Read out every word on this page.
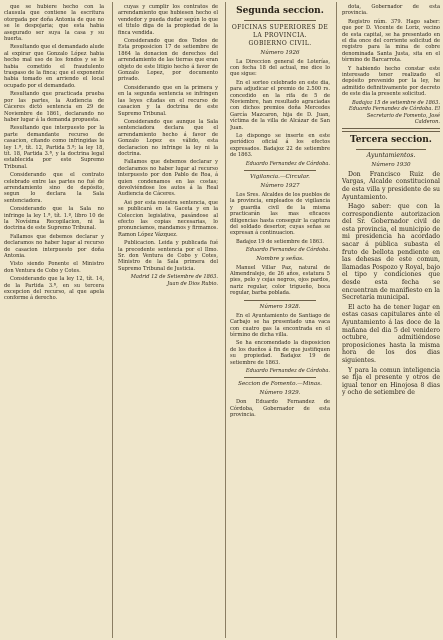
que se hubiere hecho con la clausula que contiene la escritura otorgada por doña Antonia de que no se le despojaria; que esta habia asegurado ser suya la casa y su huerta.

Resultando que el demandado alude al expirar que Gonzalo López habia hecho mal uso de los fondos y se le habia cometido el fraudulento traspaso de la finca; que el exponente habia tomado en arriendo el local ocupado por el demandado.

Resultando que practicada prueba por las partes, la Audiencia de Cáceres dictó sentencia en 29 de Noviembre de 1861, declarando no haber lugar á la demanda propuesta.

Resultando que interpuesto por la parte demandante recurso de casacion, citando como infringidas la ley 1.ª, tít. 12, Partida 5.ª; la ley 18, tít. 18, Partida 3.ª, y la doctrina legal establecida por este Supremo Tribunal.

Considerando que el contrato celebrado entre las partes no fué de arrendamiento sino de depósito, segun lo declara la Sala sentenciadora.

Considerando que la Sala no infringe la ley 1.ª, tít. 1.º, libro 10 de la Novísima Recopilacion, ni la doctrina de este Supremo Tribunal.

Fallamos que debemos declarar y declaramos no haber lugar al recurso de casacion interpuesto por doña Antonia.

Visto siendo Ponente el Ministro don Ventura de Cobo y Cotes.

Considerando que la ley 12, tít. 14, de la Partida 3.ª, en su tercera excepcion del recurso, al que apela conforme á derecho.

cuyas y cumplir los contratos de arrendamiento que hubiesen hecho el vendedor y pueda dudar según lo que el titulo diga de la propiedad de la finca vendida.

Considerando que dos Todos de Esta proposicion 17 de setiembre de 1864 la donacion de derechos del arrendamiento de las tierras que eran objeto de este litigio hecho á favor de Gonzalo Lopez, por documento privado.

Considerando que en la primera y en la segunda sentencia se infringen las leyes citadas en el recurso de casacion y la doctrina de este Supremo Tribunal.

Considerando que aunque la Sala sentenciadora declara que el arrendamiento hecho á favor de Gonzalo Lopez es válido, esta declaracion no infringe la ley ni la doctrina.

Fallamos que debemos declarar y declaramos no haber lugar al recurso interpuesto por don Pablo de Roa, á quien condenamos en las costas; devolviéndose los autos á la Real Audiencia de Cáceres.

Asi por esta nuestra sentencia, que se publicará en la Gaceta y en la Coleccion legislativa, pasándose al efecto las copias necesarias, lo pronunciamos, mandamos y firmamos. Ramon López Vázquez.

Publicacion. Leida y publicada fué la precedente sentencia por el Ilmo. Sr. don Ventura de Cobo y Cotes, Ministro de la Sala primera del Supremo Tribunal de Justicia.

Madrid 12 de Setiembre de 1863. Juan de Dios Rubio.

Segunda seccion.
OFICINAS SUPERIORES DE LA PROVINCIA.
GOBIERNO CIVIL.
Número 1926

La Direccion general de Loterías, con fecha 18 del actual, me dice lo que sigue:

En el sorteo celebrado en este dia, para adjudicar el premio de 2.500 rs. concedido en la rifa de 5 de Noviembre, han resultado agraciadas con dichos premios doña Mercedes García Mazcaron, hija de D. Juan, víctima de la villa de Alcázar de San Juan.

Lo dispongo se inserte en este periódico oficial á los efectos expresados. Badajoz 22 de setiembre de 1863.

Eduardo Fernandez de Córdoba.

Vigilancia.—Circular.
Número 1927

Los Sres. Alcaldes de los pueblos de la provincia, empleados de vigilancia y guardia civil de la misma practicarán las mas eficaces diligencias hasta conseguir la captura del soldado desertor, cuyas señas se expresan á continuacion.

Badajoz 19 de setiembre de 1863.

Eduardo Fernandez de Córdoba.

Nombre y señas.

Manuel Villar Paz, natural de Almendralejo, de 26 años, estatura 5 pies, pelo y cejas negros, ojos pardos, nariz regular, color trigueño, boca regular, barba poblada.

Número 1928.

En el Ayuntamiento de Santiago de Carbajo se ha presentado una vaca con cuatro gas la encontrada en el término de dicha villa.

Se ha encomendado la disposicion de los dueños á fin de que justifiquen su propiedad. Badajoz 19 de setiembre de 1863.

Eduardo Fernandez de Córdoba.

Seccion de Fomento.—Minas.
Número 1929.

Don Eduardo Fernandez de Córdoba, Gobernador de esta provincia.

dota, Gobernador de esta provincia.

Registro núm. 379. Hago saber: que por D. Vicente de Loriz, vecino de esta capital, se ha presentado en el dia once del corriente solicitud de registro para la mina de cobre denominada Santa Justa, sita en el término de Barcarrota.

Y habiendo hecho constar este interesado tener realizado el depósito prevenido por la ley, he admitido definitivamente por decreto de este dia la presente solicitud.

Badajoz 15 de setiembre de 1863. Eduardo Fernandez de Córdoba. El Secretario de Fomento, José Calderon.

Tercera seccion.
Ayuntamientos.
Número 1930

Don Francisco Ruiz de Vargas, Alcalde constitucional de esta villa y presidente de su Ayuntamiento.

Hago saber: que con la correspondiente autorizacion del Sr. Gobernador civil de esta provincia, el municipio de mi presidencia ha acordado sacar á pública subasta el fruto de bellota pendiente en las dehesas de este comun, llamadas Pospozo y Royal, bajo el tipo y condiciones que desde esta fecha se encuentran de manifiesto en la Secretaría municipal.

El acto ha de tener lugar en estas casas capitulares ante el Ayuntamiento á las doce de la mañana del dia 5 del venidero octubre, admitiéndose proposiciones hasta la misma hora de los dos dias siguientes.

Y para la comun inteligencia se fija el presente y otros de igual tenor en Hinojosa 8 dias y ocho de setiembre de
